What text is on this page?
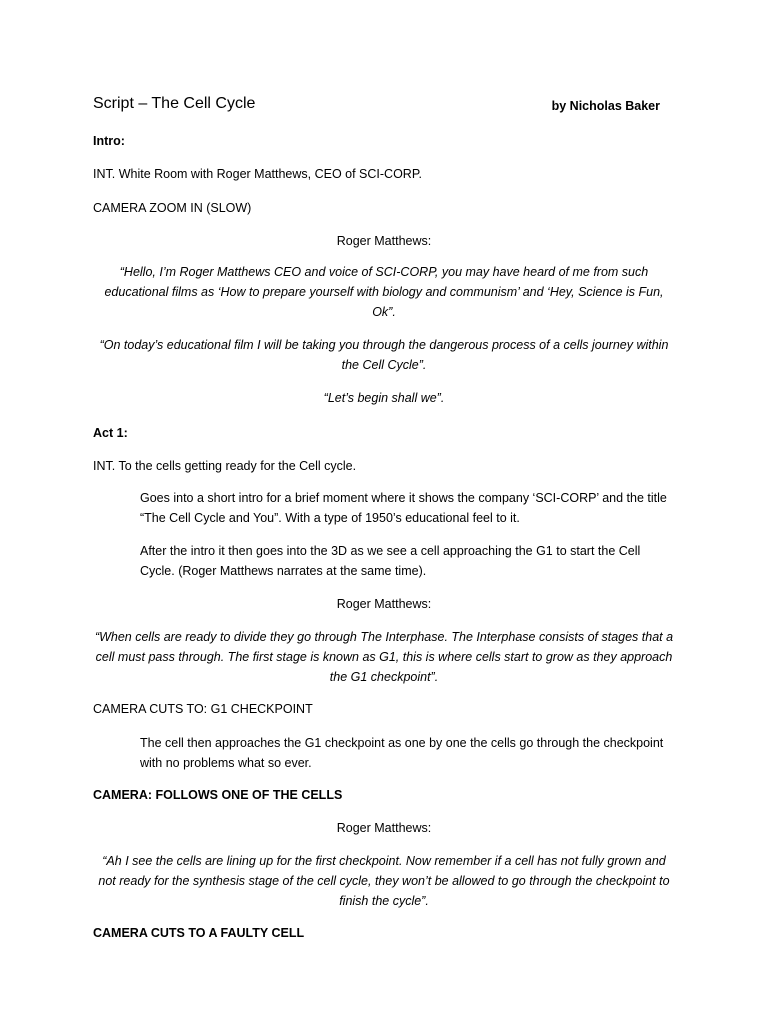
Script – The Cell Cycle	by Nicholas Baker
Intro:
INT. White Room with Roger Matthews, CEO of SCI-CORP.
CAMERA ZOOM IN (SLOW)
Roger Matthews:
“Hello, I’m Roger Matthews CEO and voice of SCI-CORP, you may have heard of me from such educational films as ‘How to prepare yourself with biology and communism’ and ‘Hey, Science is Fun, Ok”.
“On today’s educational film I will be taking you through the dangerous process of a cells journey within the Cell Cycle”.
“Let’s begin shall we”.
Act 1:
INT. To the cells getting ready for the Cell cycle.
Goes into a short intro for a brief moment where it shows the company ‘SCI-CORP’ and the title “The Cell Cycle and You”. With a type of 1950’s educational feel to it.
After the intro it then goes into the 3D as we see a cell approaching the G1 to start the Cell Cycle. (Roger Matthews narrates at the same time).
Roger Matthews:
“When cells are ready to divide they go through The Interphase. The Interphase consists of stages that a cell must pass through. The first stage is known as G1, this is where cells start to grow as they approach the G1 checkpoint”.
CAMERA CUTS TO: G1 CHECKPOINT
The cell then approaches the G1 checkpoint as one by one the cells go through the checkpoint with no problems what so ever.
CAMERA: FOLLOWS ONE OF THE CELLS
Roger Matthews:
“Ah I see the cells are lining up for the first checkpoint. Now remember if a cell has not fully grown and not ready for the synthesis stage of the cell cycle, they won’t be allowed to go through the checkpoint to finish the cycle”.
CAMERA CUTS TO A FAULTY CELL
